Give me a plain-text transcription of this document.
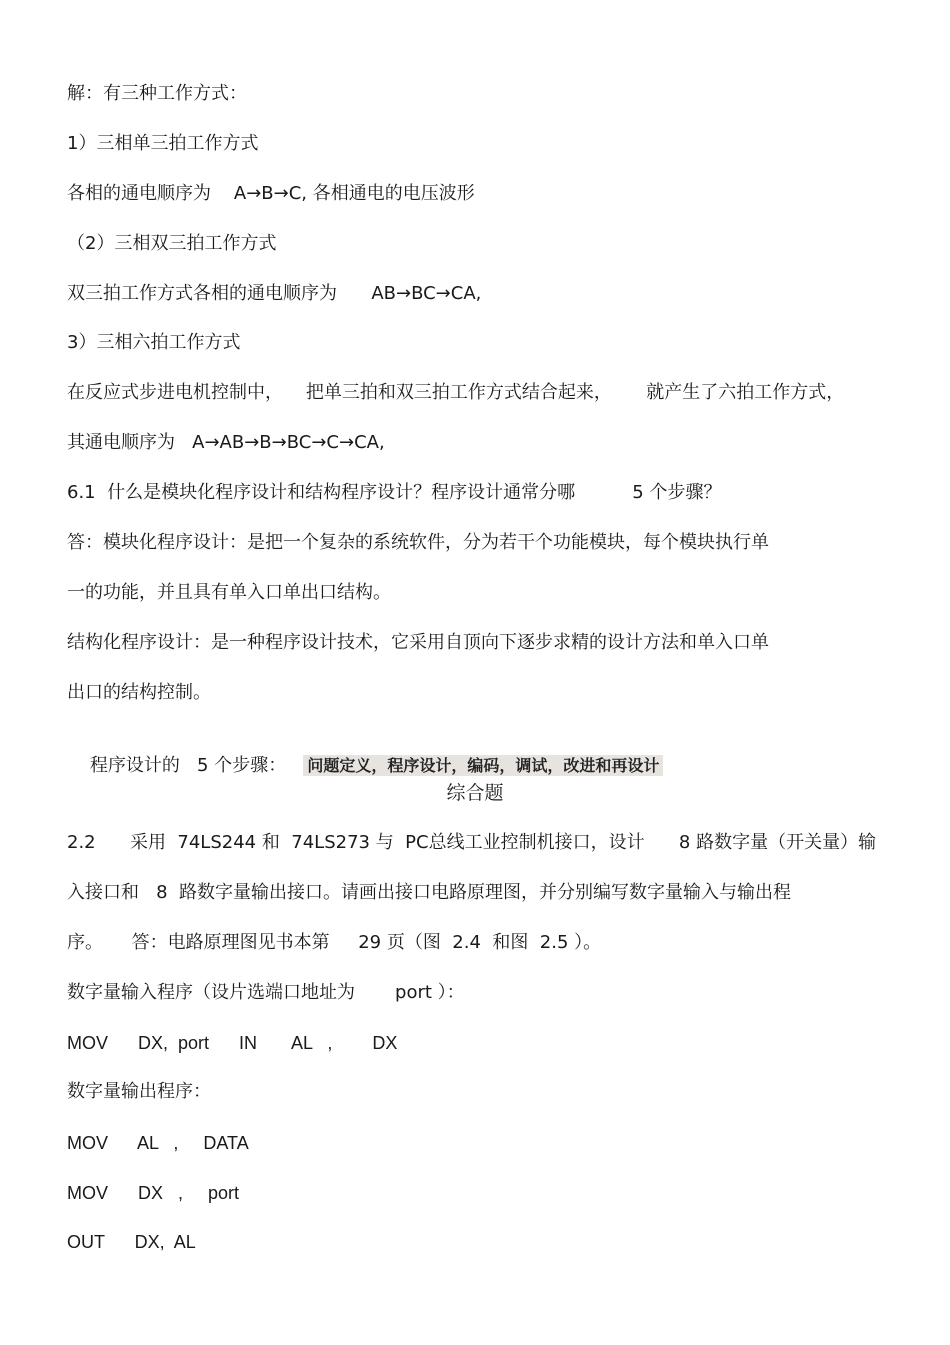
解：有三种工作方式：
1）三相单三拍工作方式
各相的通电顺序为    A→B→C, 各相通电的电压波形
（2）三相双三拍工作方式
双三拍工作方式各相的通电顺序为      AB→BC→CA,
3）三相六拍工作方式
在反应式步进电机控制中，    把单三拍和双三拍工作方式结合起来，      就产生了六拍工作方式，
其通电顺序为   A→AB→B→BC→C→CA,
6.1  什么是模块化程序设计和结构程序设计？程序设计通常分哪          5 个步骤？
答：模块化程序设计：是把一个复杂的系统软件，分为若干个功能模块，每个模块执行单
一的功能，并且具有单入口单出口结构。
结构化程序设计：是一种程序设计技术，它采用自顶向下逐步求精的设计方法和单入口单
出口的结构控制。

程序设计的   5 个步骤：   问题定义，程序设计，编码，调试，改进和再设计

综合题
2.2      采用  74LS244 和  74LS273 与  PC总线工业控制机接口，设计      8 路数字量（开关量）输
入接口和   8  路数字量输出接口。请画出接口电路原理图，并分别编写数字量输入与输出程
序。     答：电路原理图见书本第     29 页（图  2.4  和图  2.5 ）。
数字量输入程序（设片选端口地址为       port ）：
MOV      DX,  port      IN       AL   ,        DX
数字量输出程序：
MOV      AL   ,     DATA
MOV      DX   ,     port
OUT      DX,  AL
